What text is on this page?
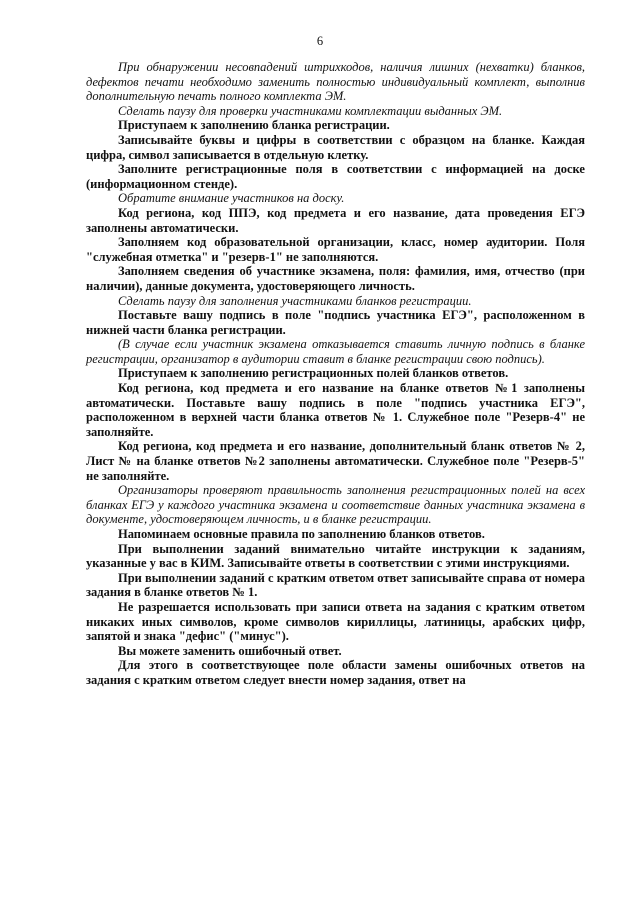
6

При обнаружении несовпадений штрихкодов, наличия лишних (нехватки) бланков, дефектов печати необходимо заменить полностью индивидуальный комплект, выполнив дополнительную печать полного комплекта ЭМ.

Сделать паузу для проверки участниками комплектации выданных ЭМ.

Приступаем к заполнению бланка регистрации.

Записывайте буквы и цифры в соответствии с образцом на бланке. Каждая цифра, символ записывается в отдельную клетку.

Заполните регистрационные поля в соответствии с информацией на доске (информационном стенде).

Обратите внимание участников на доску.

Код региона, код ППЭ, код предмета и его название, дата проведения ЕГЭ заполнены автоматически.

Заполняем код образовательной организации, класс, номер аудитории. Поля "служебная отметка" и "резерв-1" не заполняются.

Заполняем сведения об участнике экзамена, поля: фамилия, имя, отчество (при наличии), данные документа, удостоверяющего личность.

Сделать паузу для заполнения участниками бланков регистрации.

Поставьте вашу подпись в поле "подпись участника ЕГЭ", расположенном в нижней части бланка регистрации.

(В случае если участник экзамена отказывается ставить личную подпись в бланке регистрации, организатор в аудитории ставит в бланке регистрации свою подпись).

Приступаем к заполнению регистрационных полей бланков ответов.

Код региона, код предмета и его название на бланке ответов №1 заполнены автоматически. Поставьте вашу подпись в поле "подпись участника ЕГЭ", расположенном в верхней части бланка ответов № 1. Служебное поле "Резерв-4" не заполняйте.

Код региона, код предмета и его название, дополнительный бланк ответов № 2, Лист № на бланке ответов №2 заполнены автоматически. Служебное поле "Резерв-5" не заполняйте.

Организаторы проверяют правильность заполнения регистрационных полей на всех бланках ЕГЭ у каждого участника экзамена и соответствие данных участника экзамена в документе, удостоверяющем личность, и в бланке регистрации.

Напоминаем основные правила по заполнению бланков ответов.

При выполнении заданий внимательно читайте инструкции к заданиям, указанные у вас в КИМ. Записывайте ответы в соответствии с этими инструкциями.

При выполнении заданий с кратким ответом ответ записывайте справа от номера задания в бланке ответов № 1.

Не разрешается использовать при записи ответа на задания с кратким ответом никаких иных символов, кроме символов кириллицы, латиницы, арабских цифр, запятой и знака "дефис" ("минус").

Вы можете заменить ошибочный ответ.

Для этого в соответствующее поле области замены ошибочных ответов на задания с кратким ответом следует внести номер задания, ответ на
